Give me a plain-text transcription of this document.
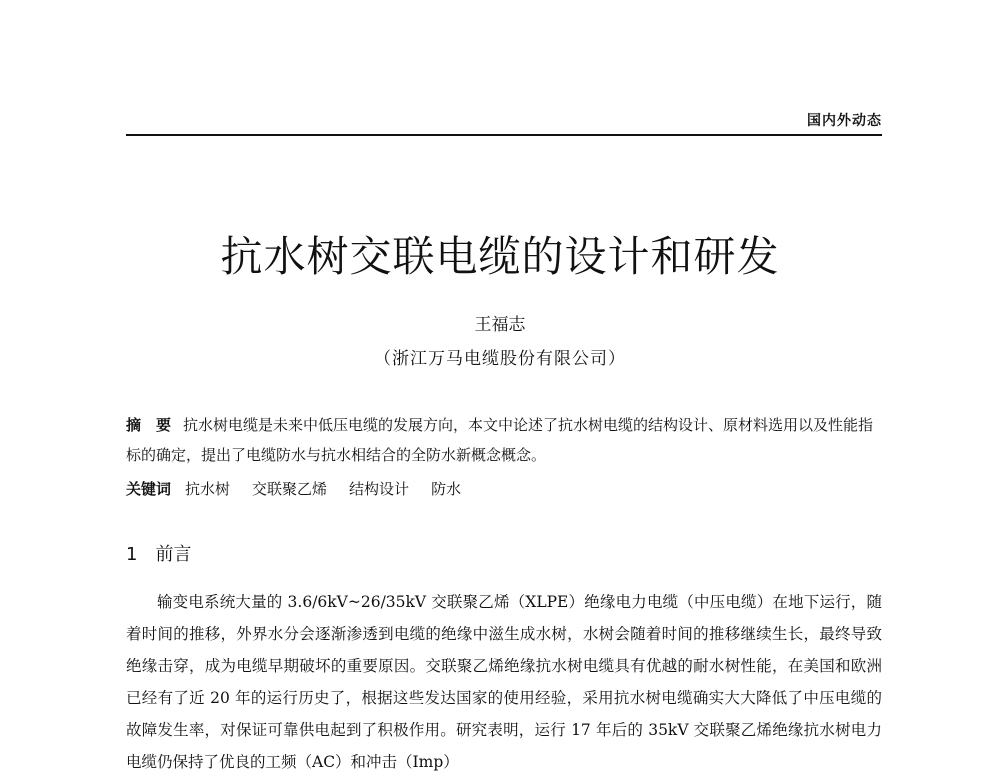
国内外动态
抗水树交联电缆的设计和研发
王福志
（浙江万马电缆股份有限公司）

摘　要 抗水树电缆是未来中低压电缆的发展方向，本文中论述了抗水树电缆的结构设计、原材料选用以及性能指标的确定，提出了电缆防水与抗水相结合的全防水新概念概念。

关键词 抗水树 交联聚乙烯 结构设计 防水
1 前言

输变电系统大量的 3.6/6kV~26/35kV 交联聚乙烯（XLPE）绝缘电力电缆（中压电缆）在地下运行，随着时间的推移，外界水分会逐渐渗透到电缆的绝缘中滋生成水树，水树会随着时间的推移继续生长，最终导致绝缘击穿，成为电缆早期破坏的重要原因。交联聚乙烯绝缘抗水树电缆具有优越的耐水树性能，在美国和欧洲已经有了近 20 年的运行历史了，根据这些发达国家的使用经验，采用抗水树电缆确实大大降低了中压电缆的故障发生率，对保证可靠供电起到了积极作用。研究表明，运行 17 年后的 35kV 交联聚乙烯绝缘抗水树电力电缆仍保持了优良的工频（AC）和冲击（Imp）
